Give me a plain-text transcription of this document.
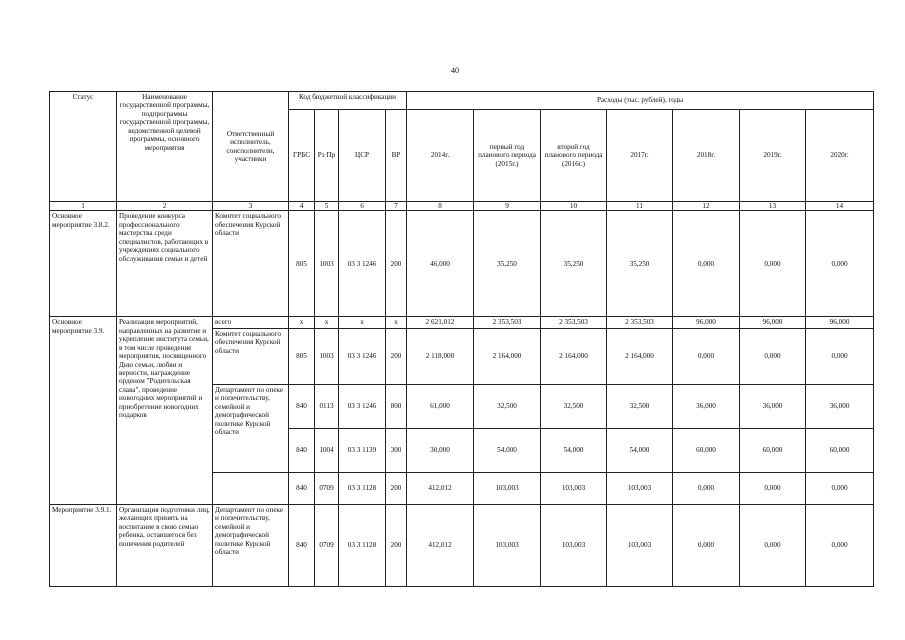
40
Статус	Наименование государственной программы, подпрограммы государственной программы, ведомственной целевой программы, основного мероприятия	Ответственный исполнитель, соисполнители, участники	Код бюджетной классификации				Расходы (тыс. рублей), годы						
			ГРБС	Рз Пр	ЦСР	ВР	2014г.	первый год планового периода (2015г.)	второй год планового периода (2016г.)	2017г.	2018г.	2019г.	2020г.
1	2	3	4	5	6	7	8	9	10	11	12	13	14
Основное мероприятие 3.8.2.	Проведение конкурса профессионального мастерства среди специалистов, работающих в учреждениях социального обслуживания семьи и детей	Комитет социального обеспечения Курской области	805	1003	03 3 1246	200	46,000	35,250	35,250	35,250	0,000	0,000	0,000
Основное мероприятие 3.9.	Реализация мероприятий, направленных на развитие и укрепление института семьи, в том числе проведение мероприятия, посвященного Дню семьи, любви и верности, награждение орденом "Родительская слава", проведение новогодних мероприятий и приобретение новогодних подарков	всего	x	x	x	x	2 621,012	2 353,503	2 353,503	2 353,503	96,000	96,000	96,000
		Комитет социального обеспечения Курской области	805	1003	03 3 1246	200	2 118,000	2 164,000	2 164,000	2 164,000	0,000	0,000	0,000
		Департамент по опеке и попечительству, семейной и демографической политике Курской области	840	0113	03 3 1246	800	61,000	32,500	32,500	32,500	36,000	36,000	36,000
			840	1004	03 3 1139	300	30,000	54,000	54,000	54,000	60,000	60,000	60,000
			840	0709	03 3 1128	200	412,012	103,003	103,003	103,003	0,000	0,000	0,000
Мероприятие 3.9.1.	Организация подготовки лиц, желающих принять на воспитание в свою семью ребенка, оставшегося без попечения родителей	Департамент по опеке и попечительству, семейной и демографической политике Курской области	840	0709	03 3 1128	200	412,012	103,003	103,003	103,003	0,000	0,000	0,000
